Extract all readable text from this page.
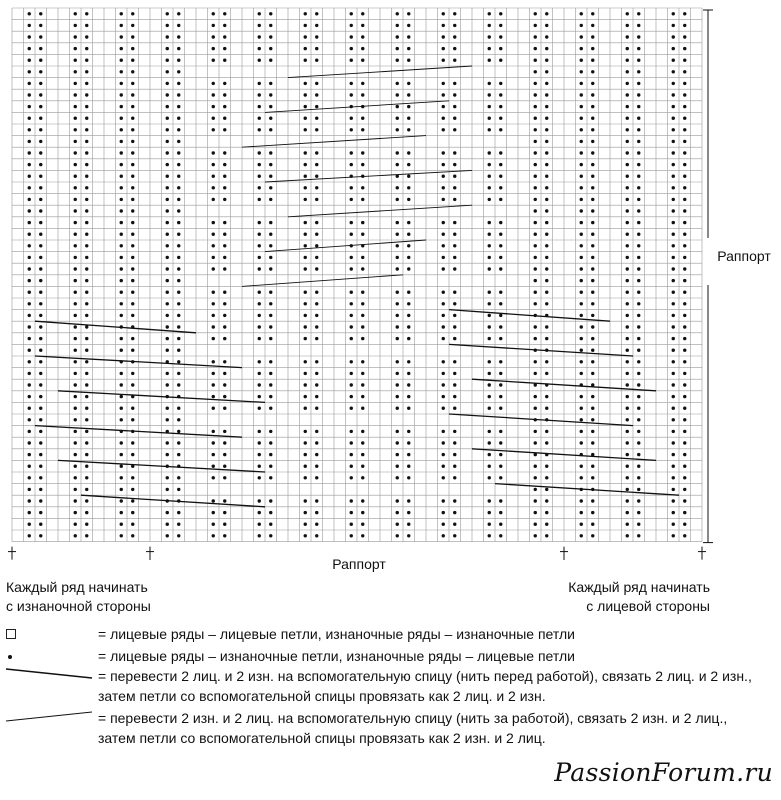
Раппорт
Раппорт
Каждый ряд начинать
с изнаночной стороны
Каждый ряд начинать
с лицевой стороны
= лицевые ряды – лицевые петли, изнаночные ряды – изнаночные петли
= лицевые ряды – изнаночные петли, изнаночные ряды – лицевые петли
= перевести 2 лиц. и 2 изн. на вспомогательную спицу (нить перед работой), связать 2 лиц. и 2 изн., затем петли со вспомогательной спицы провязать как 2 лиц. и 2 изн.
= перевести 2 изн. и 2 лиц. на вспомогательную спицу (нить за работой), связать 2 изн. и 2 лиц., затем петли со вспомогательной спицы провязать как 2 изн. и 2 лиц.
PassionForum.ru
